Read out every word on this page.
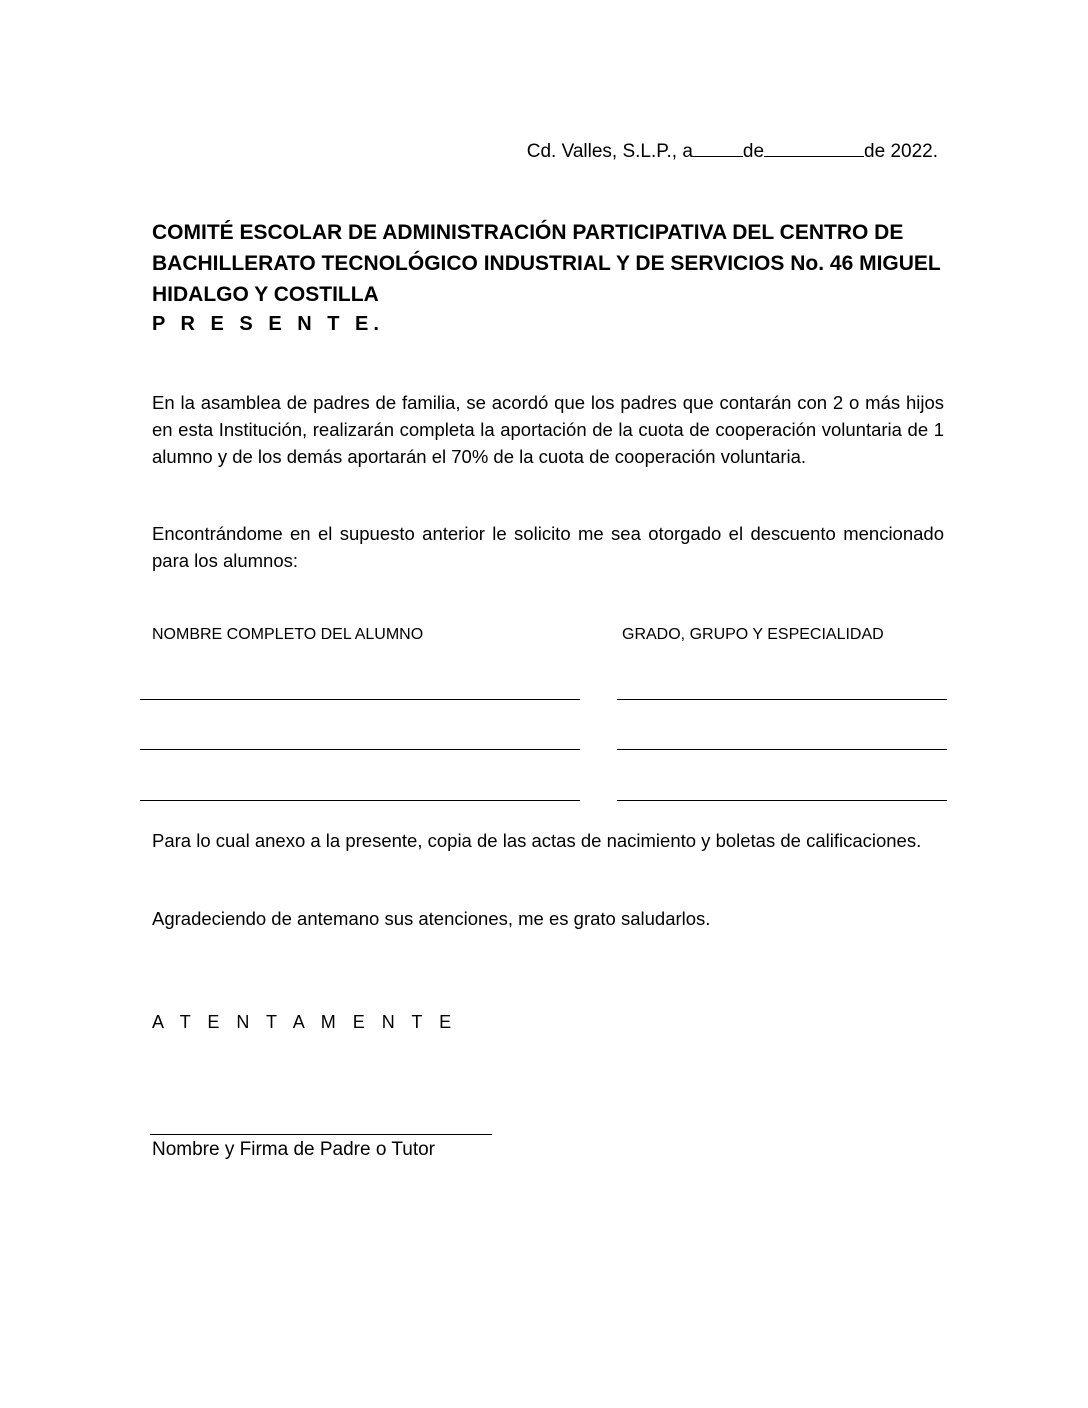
Cd. Valles, S.L.P., a	de	de 2022.
COMITÉ ESCOLAR DE ADMINISTRACIÓN PARTICIPATIVA DEL CENTRO DE
BACHILLERATO TECNOLÓGICO INDUSTRIAL Y DE SERVICIOS No. 46 MIGUEL
HIDALGO Y COSTILLA
P R E S E N T E.
En la asamblea de padres de familia, se acordó que los padres que contarán con 2 o más hijos en esta Institución, realizarán completa la aportación de la cuota de cooperación voluntaria de 1 alumno y de los demás aportarán el 70% de la cuota de cooperación voluntaria.
Encontrándome en el supuesto anterior le solicito me sea otorgado el descuento mencionado para los alumnos:
NOMBRE COMPLETO DEL ALUMNO	GRADO, GRUPO Y ESPECIALIDAD
Para lo cual anexo a la presente, copia de las actas de nacimiento y boletas de calificaciones.
Agradeciendo de antemano sus atenciones, me es grato saludarlos.
A T E N T A M E N T E
Nombre y Firma de Padre o Tutor
